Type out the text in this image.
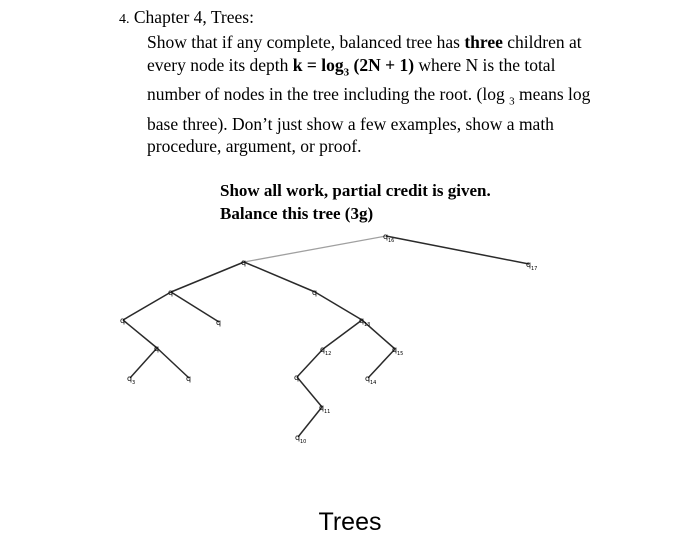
4. Chapter 4, Trees:

Show that if any complete, balanced tree has three children at every node its depth $k = \log_3 (2N + 1)$ where N is the total number of nodes in the tree including the root. (log $_3$ means log base three). Don’t just show a few examples, show a math procedure, argument, or proof.

Show all work, partial credit is given.
Balance this tree (3g)
q 16
q 17
q
q
q	q
q
q 3	q
q
q 13
q 12	q 15
q 14
q
q 11
q 10
Trees
